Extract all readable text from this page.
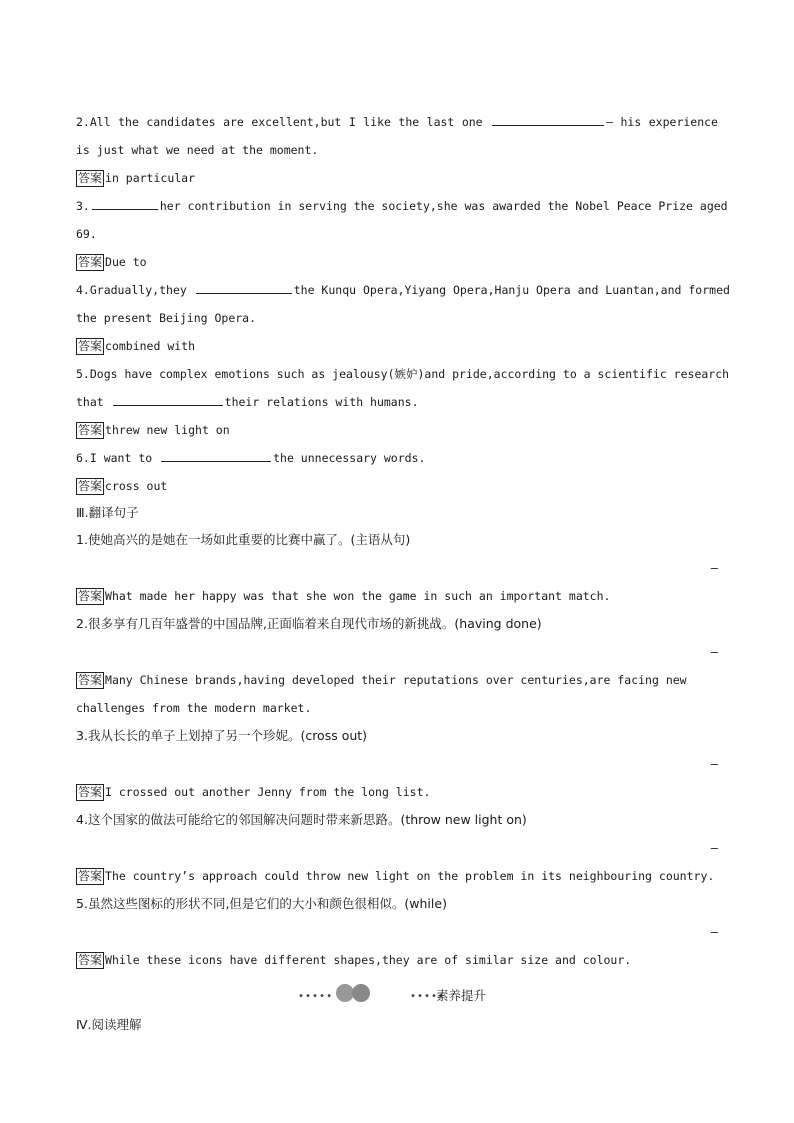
2.All the candidates are excellent,but I like the last one	— his experience
is just what we need at the moment.
答案 in particular
3.	her contribution in serving the society,she was awarded the Nobel Peace Prize aged
69.
答案 Due to
4.Gradually,they	the Kunqu Opera,Yiyang Opera,Hanju Opera and Luantan,and formed
the present Beijing Opera.
答案 combined with
5.Dogs have complex emotions such as jealousy(嫉妒)and pride,according to a scientific research
that	their relations with humans.
答案 threw new light on
6.I want to	the unnecessary words.
答案 cross out
Ⅲ.翻译句子
1.使她高兴的是她在一场如此重要的比赛中赢了。(主语从句)
—
答案 What made her happy was that she won the game in such an important match.
2.很多享有几百年盛誉的中国品牌,正面临着来自现代市场的新挑战。(having done)
—
答案 Many Chinese brands,having developed their reputations over centuries,are facing new
challenges from the modern market.
3.我从长长的单子上划掉了另一个珍妮。(cross out)
—
答案 I crossed out another Jenny from the long list.
4.这个国家的做法可能给它的邻国解决问题时带来新思路。(throw new light on)
—
答案 The country’s approach could throw new light on the problem in its neighbouring country.
5.虽然这些图标的形状不同,但是它们的大小和颜色很相似。(while)
—
答案 While these icons have different shapes,they are of similar size and colour.
•••••	•••••
素养提升
Ⅳ.阅读理解
